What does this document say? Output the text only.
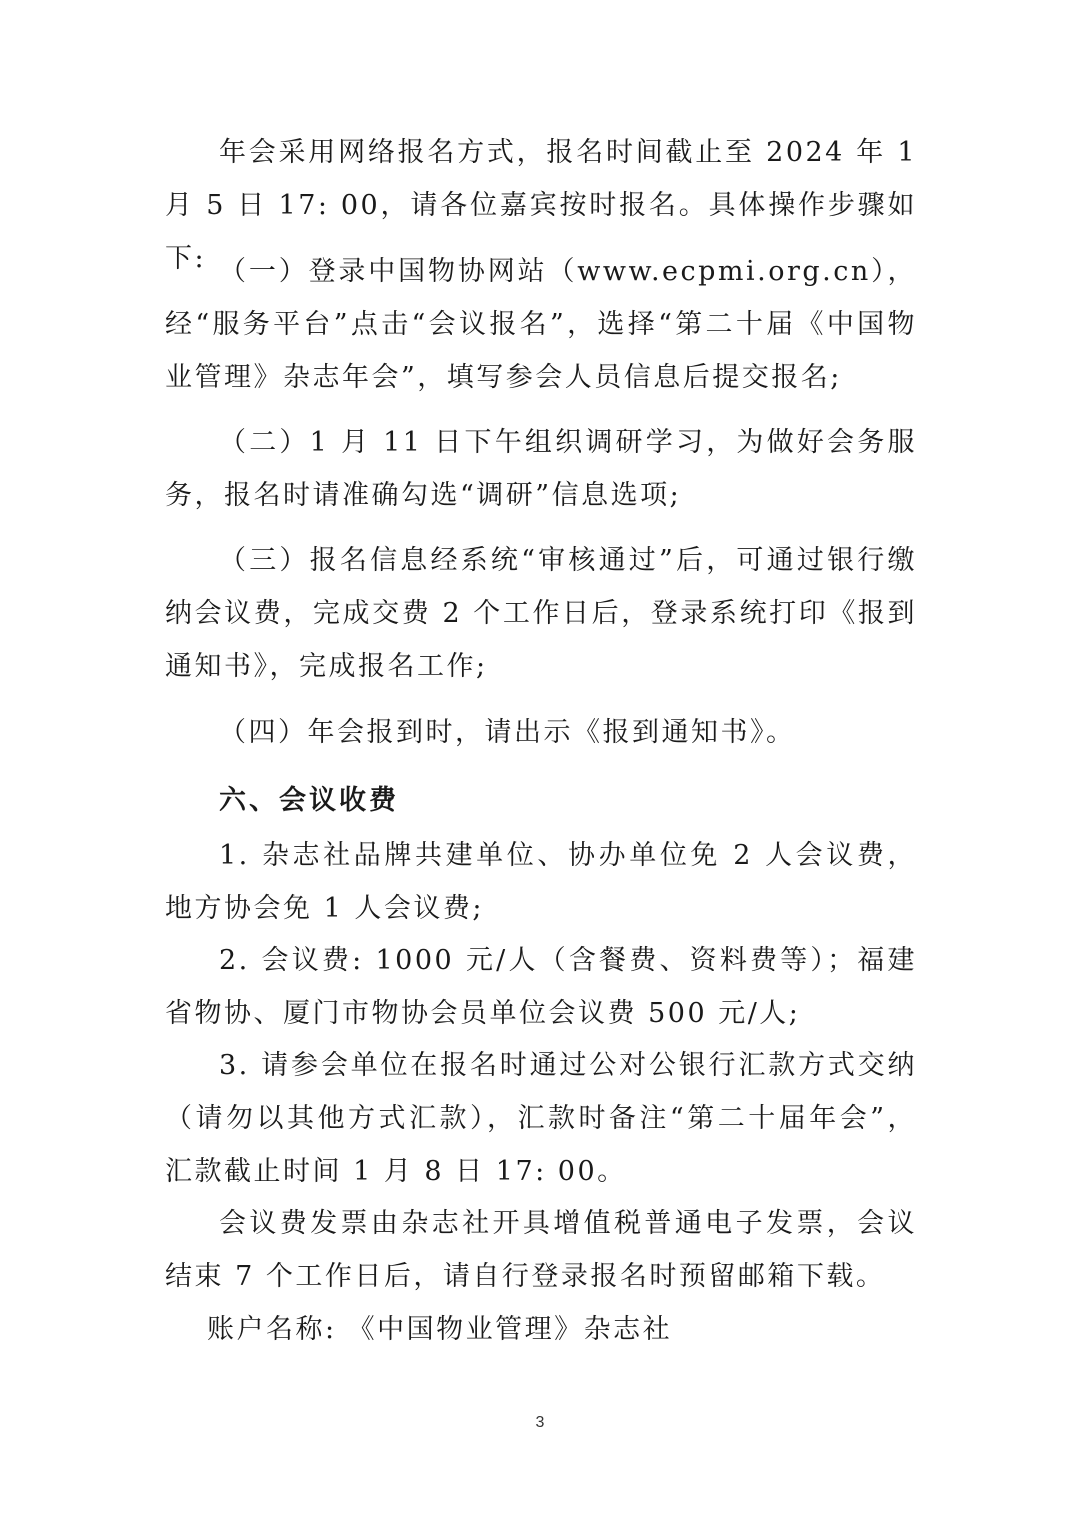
年会采用网络报名方式，报名时间截止至 2024 年 1 月 5 日 17: 00，请各位嘉宾按时报名。具体操作步骤如下: （一）登录中国物协网站（www.ecpmi.org.cn），经“服务平台”点击“会议报名”，选择“第二十届《中国物业管理》杂志年会”，填写参会人员信息后提交报名;

（二）1 月 11 日下午组织调研学习，为做好会务服务，报名时请准确勾选“调研”信息选项;

（三）报名信息经系统“审核通过”后，可通过银行缴纳会议费，完成交费 2 个工作日后，登录系统打印《报到通知书》，完成报名工作;

（四）年会报到时，请出示《报到通知书》。

六、会议收费

1. 杂志社品牌共建单位、协办单位免 2 人会议费，地方协会免 1 人会议费;

2. 会议费: 1000 元/人（含餐费、资料费等）；福建省物协、厦门市物协会员单位会议费 500 元/人;

3. 请参会单位在报名时通过公对公银行汇款方式交纳（请勿以其他方式汇款），汇款时备注“第二十届年会”，汇款截止时间 1 月 8 日 17: 00。

会议费发票由杂志社开具增值税普通电子发票，会议结束 7 个工作日后，请自行登录报名时预留邮箱下载。

账户名称: 《中国物业管理》杂志社

3
